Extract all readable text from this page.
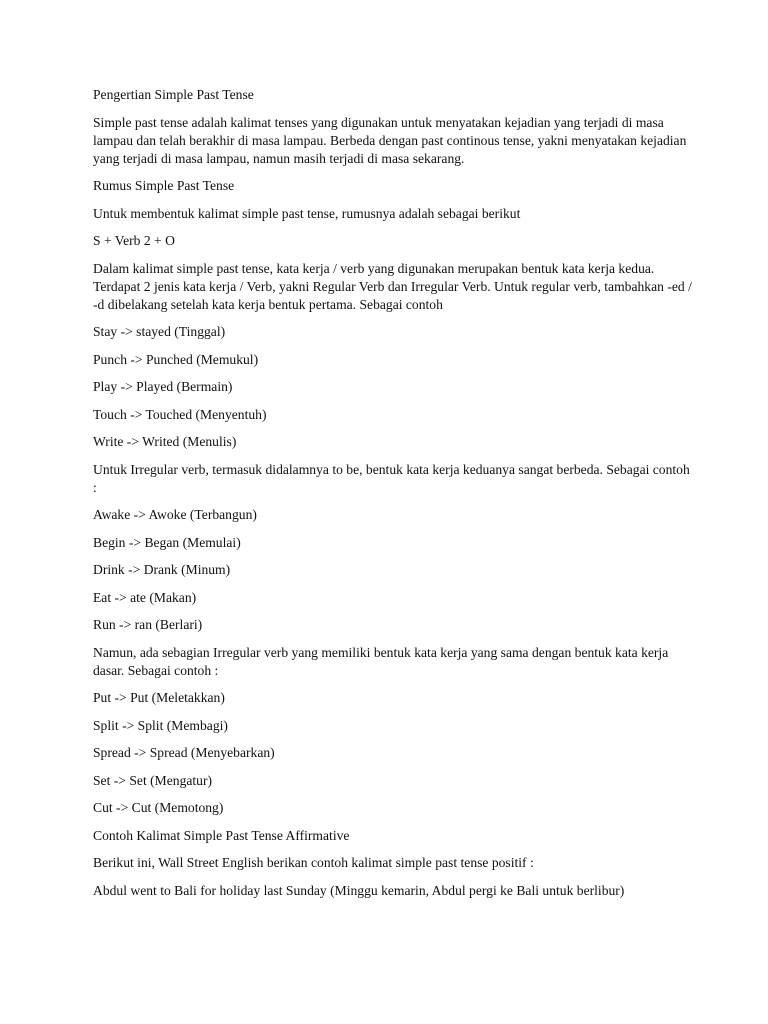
Pengertian Simple Past Tense

Simple past tense adalah kalimat tenses yang digunakan untuk menyatakan kejadian yang terjadi di masa lampau dan telah berakhir di masa lampau. Berbeda dengan past continous tense, yakni menyatakan kejadian yang terjadi di masa lampau, namun masih terjadi di masa sekarang.

Rumus Simple Past Tense

Untuk membentuk kalimat simple past tense, rumusnya adalah sebagai berikut

S + Verb 2 + O

Dalam kalimat simple past tense, kata kerja / verb yang digunakan merupakan bentuk kata kerja kedua. Terdapat 2 jenis kata kerja / Verb, yakni Regular Verb dan Irregular Verb. Untuk regular verb, tambahkan -ed / -d dibelakang setelah kata kerja bentuk pertama. Sebagai contoh

Stay -> stayed (Tinggal)

Punch -> Punched (Memukul)

Play -> Played (Bermain)

Touch -> Touched (Menyentuh)

Write -> Writed (Menulis)

Untuk Irregular verb, termasuk didalamnya to be, bentuk kata kerja keduanya sangat berbeda. Sebagai contoh :

Awake -> Awoke (Terbangun)

Begin -> Began (Memulai)

Drink -> Drank (Minum)

Eat -> ate (Makan)

Run -> ran (Berlari)

Namun, ada sebagian Irregular verb yang memiliki bentuk kata kerja yang sama dengan bentuk kata kerja dasar. Sebagai contoh :

Put -> Put (Meletakkan)

Split -> Split (Membagi)

Spread -> Spread (Menyebarkan)

Set -> Set (Mengatur)

Cut -> Cut (Memotong)

Contoh Kalimat Simple Past Tense Affirmative

Berikut ini, Wall Street English berikan contoh kalimat simple past tense positif :

Abdul went to Bali for holiday last Sunday (Minggu kemarin, Abdul pergi ke Bali untuk berlibur)
